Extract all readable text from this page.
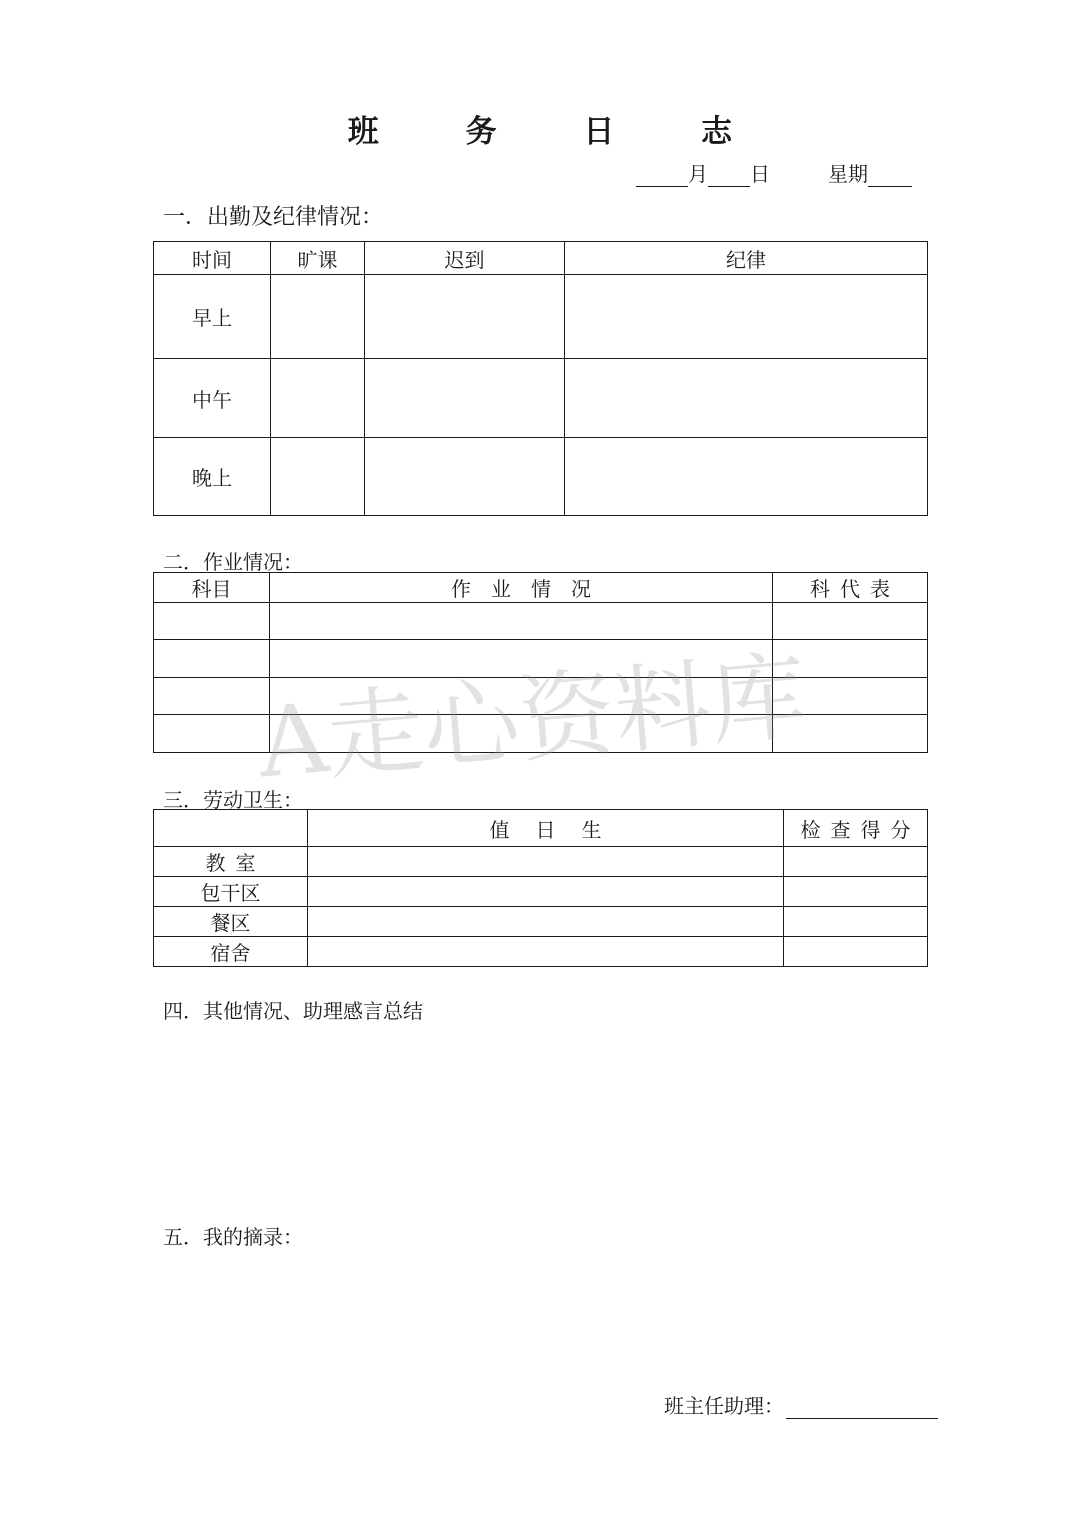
班 务 日 志
月 日	星期
一．出勤及纪律情况：
时间	旷课	迟到	纪律
早上			
中午			
晚上			
二．作业情况：
科目	作　业　情　况	科代表

三．劳动卫生：
	值日生	检查得分
教室		
包干区		
餐区		
宿舍		
四．其他情况、助理感言总结
五．我的摘录：
班主任助理：
A走心资料库
